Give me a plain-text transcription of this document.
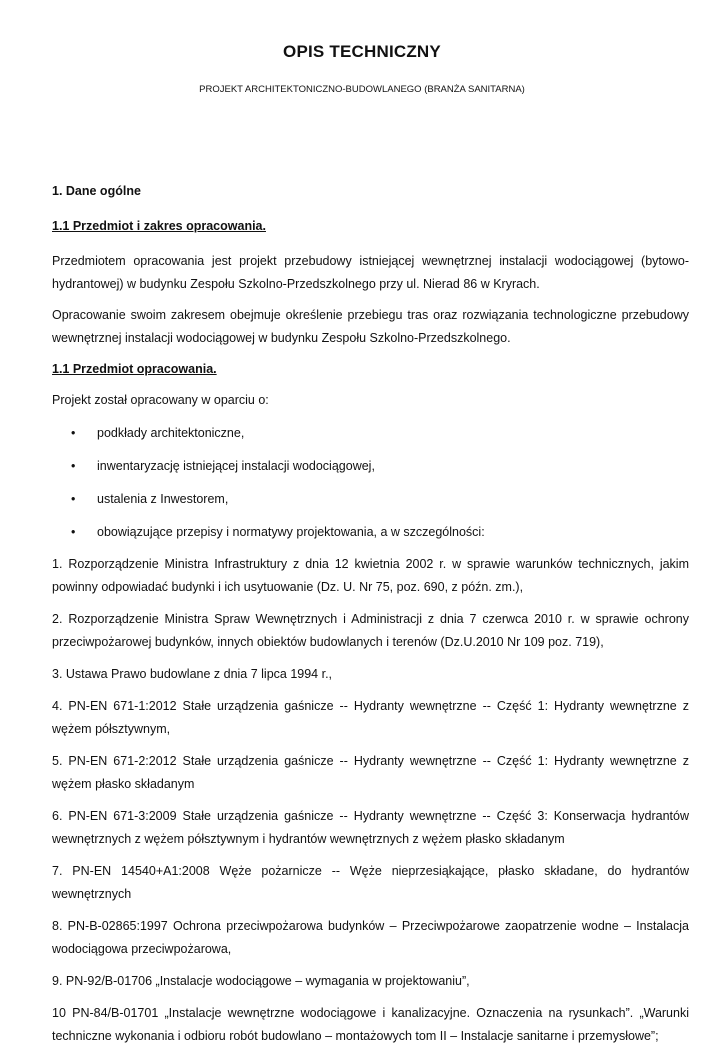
OPIS TECHNICZNY
PROJEKT ARCHITEKTONICZNO-BUDOWLANEGO (BRANŻA SANITARNA)

1. Dane ogólne

1.1 Przedmiot i zakres opracowania.

Przedmiotem opracowania jest projekt przebudowy istniejącej wewnętrznej instalacji wodociągowej (bytowo-hydrantowej) w budynku Zespołu Szkolno-Przedszkolnego przy ul. Nierad 86 w Kryrach.

Opracowanie swoim zakresem obejmuje określenie przebiegu tras oraz rozwiązania technologiczne przebudowy wewnętrznej instalacji wodociągowej w budynku Zespołu Szkolno-Przedszkolnego.

1.1 Przedmiot opracowania.

Projekt został opracowany w oparciu o:

• podkłady architektoniczne,
• inwentaryzację istniejącej instalacji wodociągowej,
• ustalenia z Inwestorem,
• obowiązujące przepisy i normatywy projektowania, a w szczególności:

1. Rozporządzenie Ministra Infrastruktury z dnia 12 kwietnia 2002 r. w sprawie warunków technicznych, jakim powinny odpowiadać budynki i ich usytuowanie (Dz. U. Nr 75, poz. 690, z późn. zm.),

2. Rozporządzenie Ministra Spraw Wewnętrznych i Administracji z dnia 7 czerwca 2010 r. w sprawie ochrony przeciwpożarowej budynków, innych obiektów budowlanych i terenów (Dz.U.2010 Nr 109 poz. 719),

3. Ustawa Prawo budowlane z dnia 7 lipca 1994 r.,

4. PN-EN 671-1:2012 Stałe urządzenia gaśnicze -- Hydranty wewnętrzne -- Część 1: Hydranty wewnętrzne z wężem półsztywnym,

5. PN-EN 671-2:2012 Stałe urządzenia gaśnicze -- Hydranty wewnętrzne -- Część 1: Hydranty wewnętrzne z wężem płasko składanym

6. PN-EN 671-3:2009 Stałe urządzenia gaśnicze -- Hydranty wewnętrzne -- Część 3: Konserwacja hydrantów wewnętrznych z wężem półsztywnym i hydrantów wewnętrznych z wężem płasko składanym

7. PN-EN 14540+A1:2008 Węże pożarnicze -- Węże nieprzesiąkające, płasko składane, do hydrantów wewnętrznych

8. PN-B-02865:1997 Ochrona przeciwpożarowa budynków – Przeciwpożarowe zaopatrzenie wodne – Instalacja wodociągowa przeciwpożarowa,

9. PN-92/B-01706 „Instalacje wodociągowe – wymagania w projektowaniu”,

10 PN-84/B-01701 „Instalacje wewnętrzne wodociągowe i kanalizacyjne. Oznaczenia na rysunkach”. „Warunki techniczne wykonania i odbioru robót budowlano – montażowych tom II – Instalacje sanitarne i przemysłowe”;
